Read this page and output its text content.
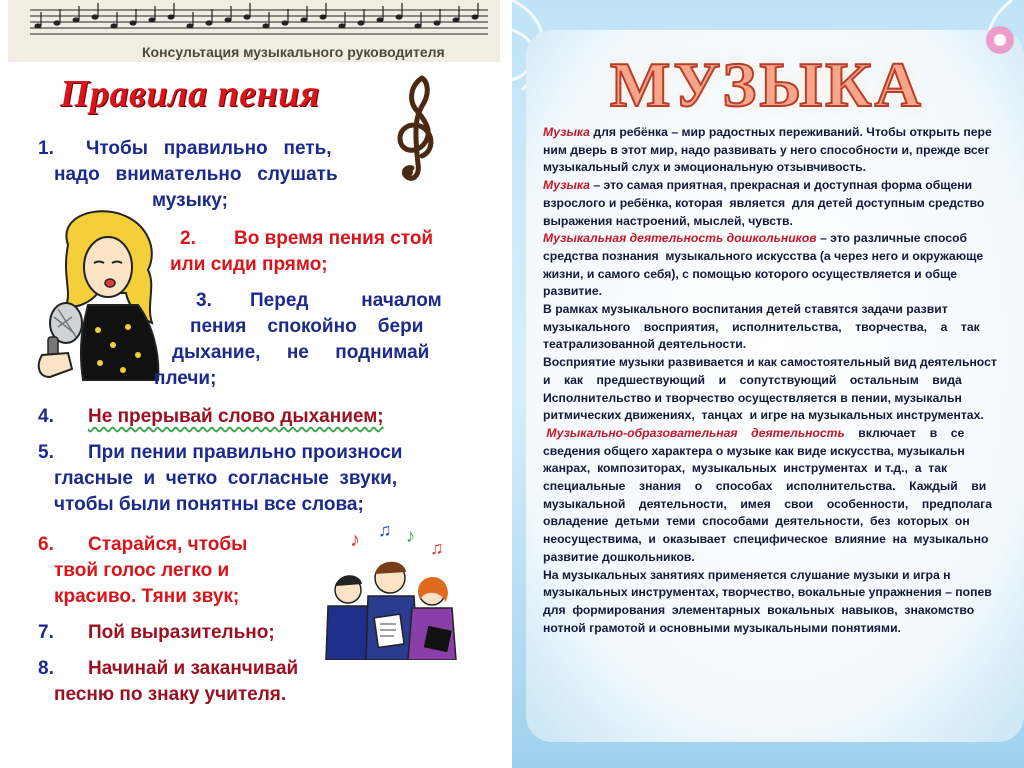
Консультация музыкального руководителя
Правила пения
♪ ♫ ♪
♫
1. Чтобы   правильно   петь,
надо   внимательно   слушать
музыку;
2. Во время пения стой
или сиди прямо;
3. Перед          началом
пения    спокойно    бери
дыхание,     не     поднимай
плечи;
4. Не прерывай слово дыханием;
5. При пении правильно произноси
гласные  и  четко  согласные  звуки,
чтобы были понятны все слова;
6. Старайся, чтобы
твой голос легко и
красиво. Тяни звук;
7. Пой выразительно;
8. Начинай и заканчивай
песню по знаку учителя.
МУЗЫКА

Музыка для ребёнка – мир радостных переживаний. Чтобы открыть пере

ним дверь в этот мир, надо развивать у него способности и, прежде всег

музыкальный слух и эмоциональную отзывчивость.

Музыка – это самая приятная, прекрасная и доступная форма общени

взрослого и ребёнка, которая  является  для детей доступным средство

выражения настроений, мыслей, чувств.

Музыкальная деятельность дошкольников – это различные способ

средства познания  музыкального искусства (а через него и окружающе

жизни, и самого себя), с помощью которого осуществляется и обще

развитие.

В рамках музыкального воспитания детей ставятся задачи развит

музыкального    восприятия,    исполнительства,    творчества,    а    так

театрализованной деятельности.

Восприятие музыки развивается и как самостоятельный вид деятельност

и    как    предшествующий    и    сопутствующий    остальным    вида

Исполнительство и творчество осуществляется в пении, музыкальн

ритмических движениях,  танцах  и игре на музыкальных инструментах.

Музыкально-образовательная    деятельность    включает    в    се

сведения общего характера о музыке как виде искусства, музыкальн

жанрах,  композиторах,  музыкальных  инструментах  и т.д.,  а  так

специальные    знания    о    способах    исполнительства.    Каждый    ви

музыкальной    деятельности,    имея    свои    особенности,    предполага

овладение  детьми  теми  способами  деятельности,  без  которых  он

неосуществима,  и  оказывает  специфическое  влияние  на  музыкально

развитие дошкольников.

На музыкальных занятиях применяется слушание музыки и игра н

музыкальных инструментах, творчество, вокальные упражнения – попев

для  формирования  элементарных  вокальных  навыков,  знакомство

нотной грамотой и основными музыкальными понятиями.
